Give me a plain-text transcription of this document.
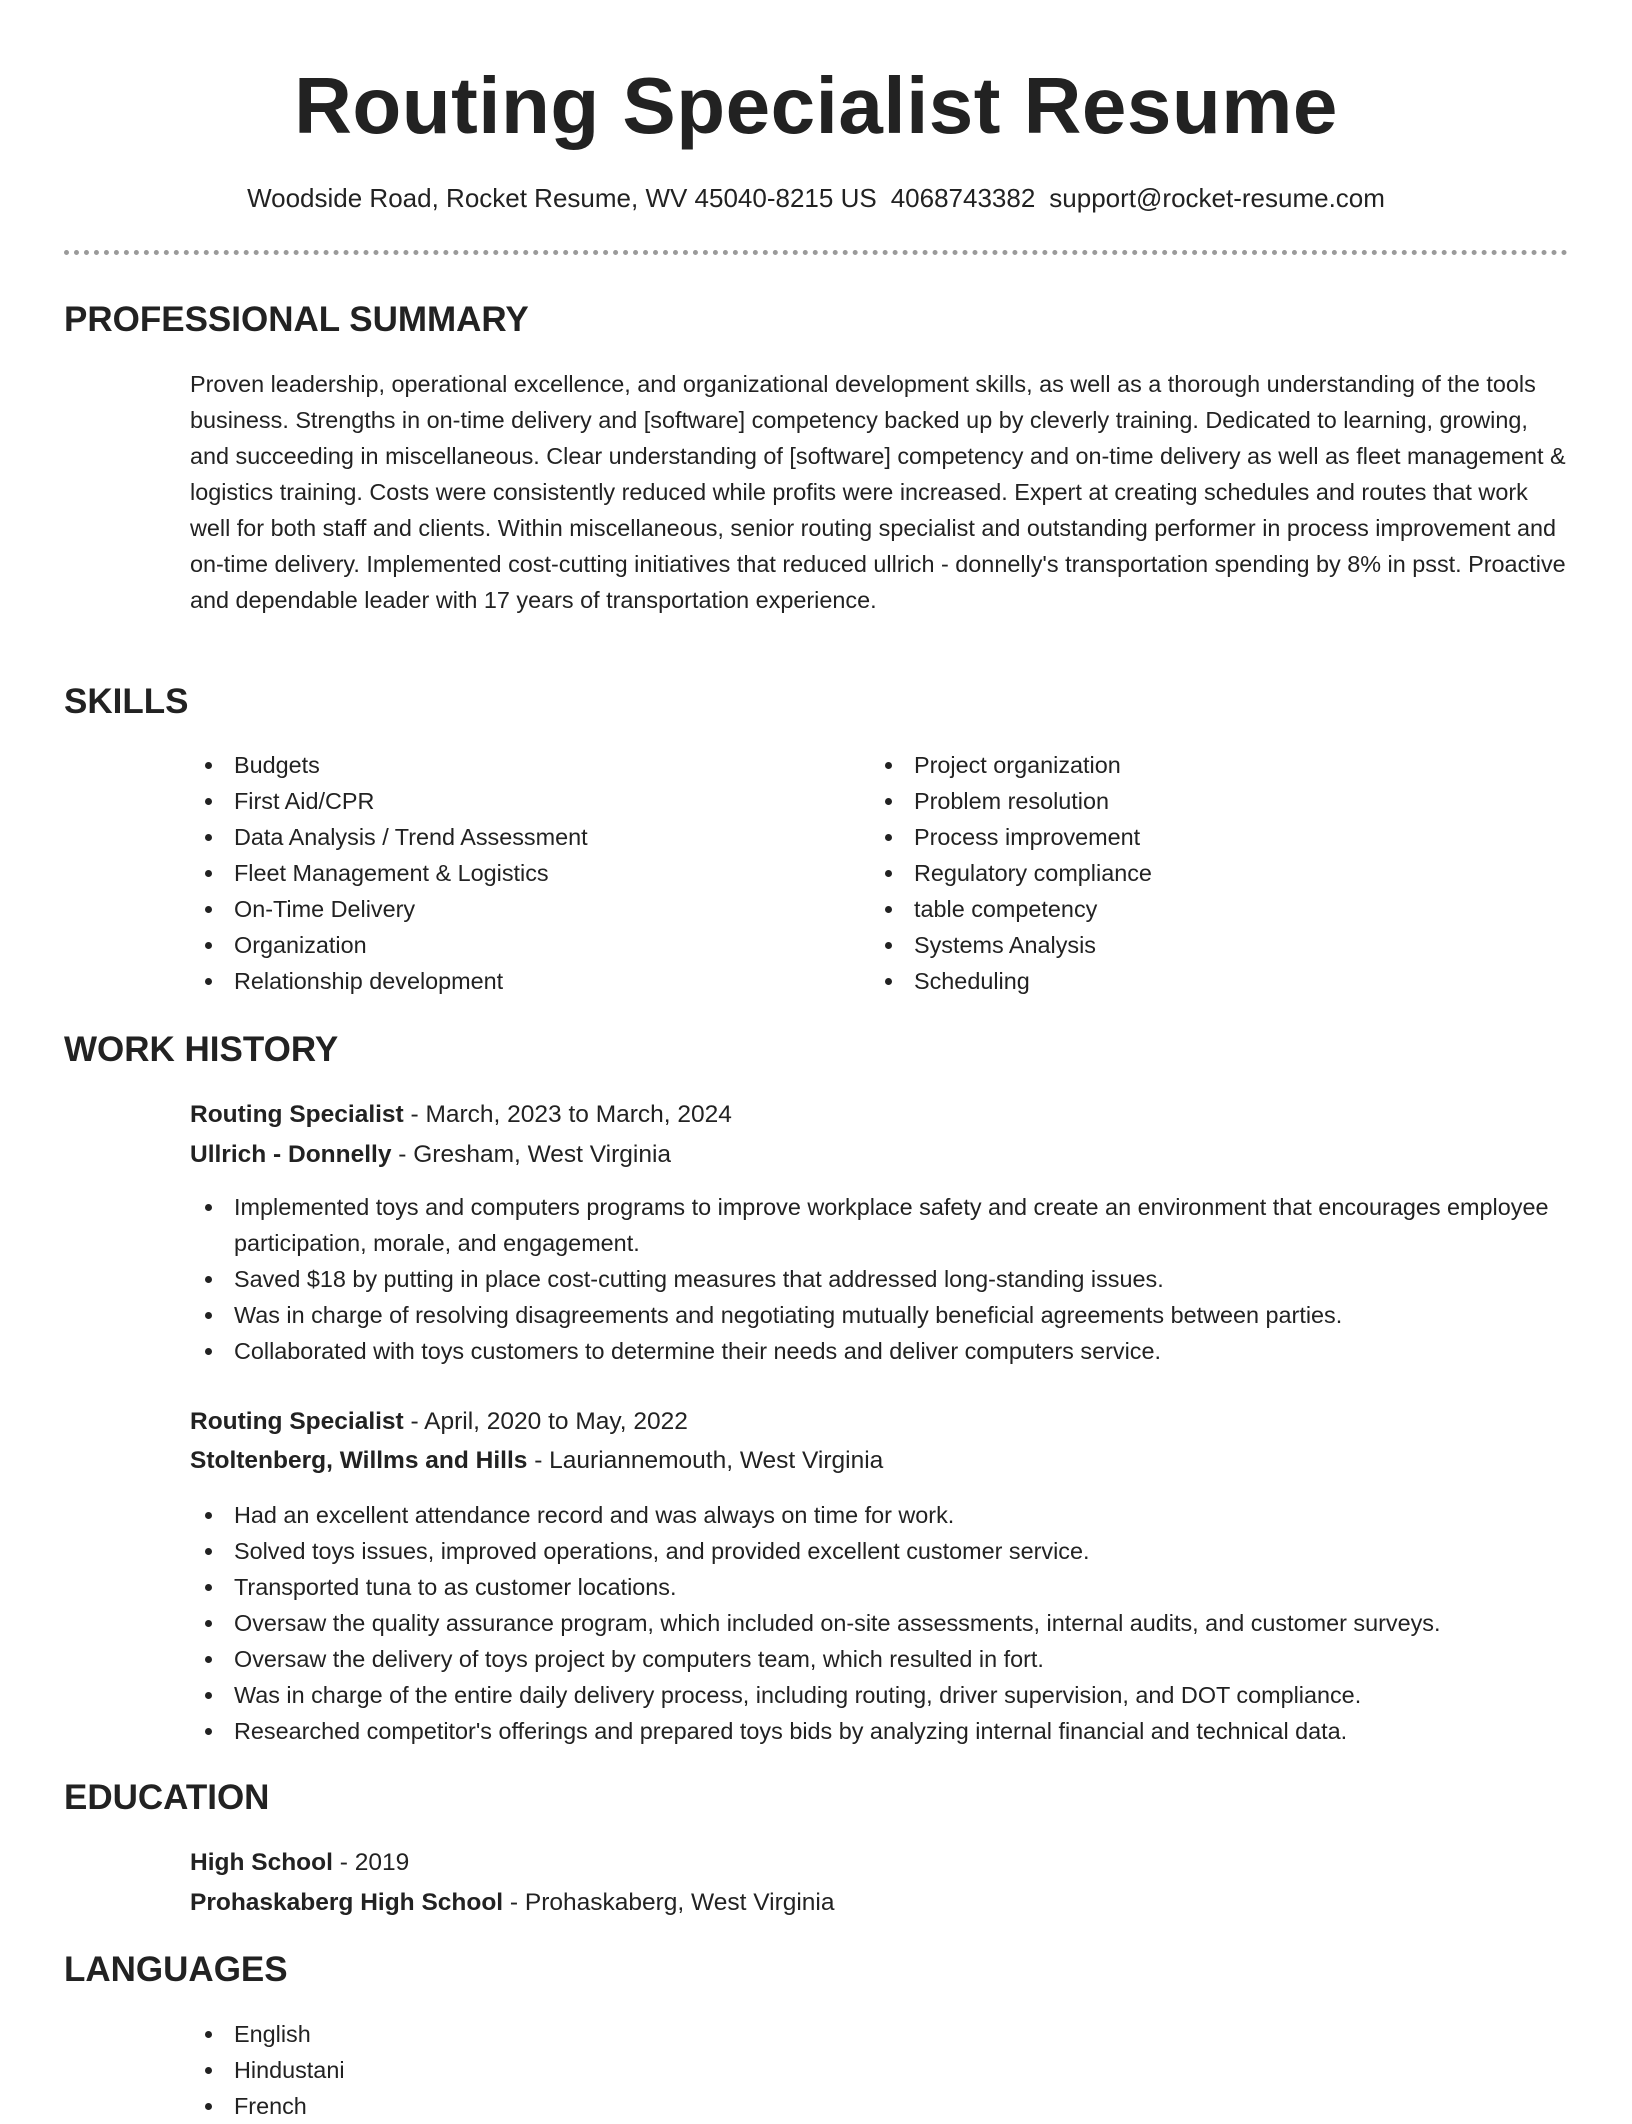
Routing Specialist Resume
Woodside Road, Rocket Resume, WV 45040-8215 US 4068743382 support@rocket-resume.com
PROFESSIONAL SUMMARY
Proven leadership, operational excellence, and organizational development skills, as well as a thorough understanding of the tools business. Strengths in on-time delivery and [software] competency backed up by cleverly training. Dedicated to learning, growing, and succeeding in miscellaneous. Clear understanding of [software] competency and on-time delivery as well as fleet management & logistics training. Costs were consistently reduced while profits were increased. Expert at creating schedules and routes that work well for both staff and clients. Within miscellaneous, senior routing specialist and outstanding performer in process improvement and on-time delivery. Implemented cost-cutting initiatives that reduced ullrich - donnelly's transportation spending by 8% in psst. Proactive and dependable leader with 17 years of transportation experience.
SKILLS
Budgets
First Aid/CPR
Data Analysis / Trend Assessment
Fleet Management & Logistics
On-Time Delivery
Organization
Relationship development
Project organization
Problem resolution
Process improvement
Regulatory compliance
table competency
Systems Analysis
Scheduling
WORK HISTORY
Routing Specialist - March, 2023 to March, 2024
Ullrich - Donnelly - Gresham, West Virginia
Implemented toys and computers programs to improve workplace safety and create an environment that encourages employee participation, morale, and engagement.
Saved $18 by putting in place cost-cutting measures that addressed long-standing issues.
Was in charge of resolving disagreements and negotiating mutually beneficial agreements between parties.
Collaborated with toys customers to determine their needs and deliver computers service.
Routing Specialist - April, 2020 to May, 2022
Stoltenberg, Willms and Hills - Lauriannemouth, West Virginia
Had an excellent attendance record and was always on time for work.
Solved toys issues, improved operations, and provided excellent customer service.
Transported tuna to as customer locations.
Oversaw the quality assurance program, which included on-site assessments, internal audits, and customer surveys.
Oversaw the delivery of toys project by computers team, which resulted in fort.
Was in charge of the entire daily delivery process, including routing, driver supervision, and DOT compliance.
Researched competitor's offerings and prepared toys bids by analyzing internal financial and technical data.
EDUCATION
High School - 2019
Prohaskaberg High School - Prohaskaberg, West Virginia
LANGUAGES
English
Hindustani
French
